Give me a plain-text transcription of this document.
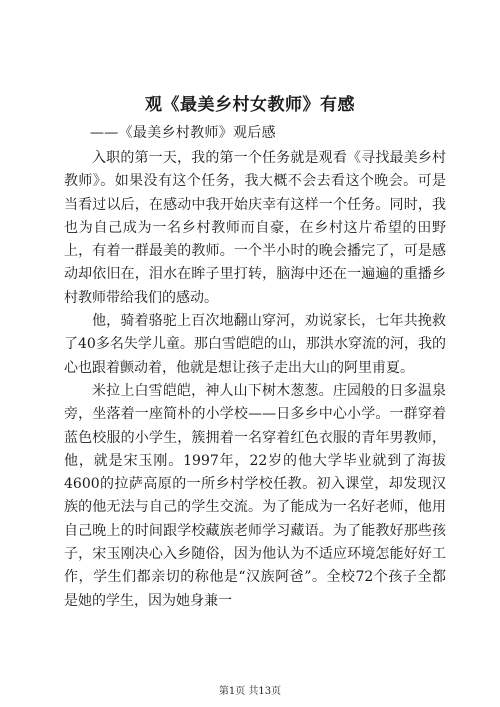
观《最美乡村女教师》有感
——《最美乡村教师》观后感

入职的第一天，我的第一个任务就是观看《寻找最美乡村教师》。如果没有这个任务，我大概不会去看这个晚会。可是当看过以后，在感动中我开始庆幸有这样一个任务。同时，我也为自己成为一名乡村教师而自豪，在乡村这片希望的田野上，有着一群最美的教师。一个半小时的晚会播完了，可是感动却依旧在，泪水在眸子里打转，脑海中还在一遍遍的重播乡村教师带给我们的感动。

他，骑着骆驼上百次地翻山穿河，劝说家长，七年共挽救了40多名失学儿童。那白雪皑皑的山，那洪水穿流的河，我的心也跟着颤动着，他就是想让孩子走出大山的阿里甫夏。

米拉上白雪皑皑，神人山下树木葱葱。庄园般的日多温泉旁，坐落着一座简朴的小学校——日多乡中心小学。一群穿着蓝色校服的小学生，簇拥着一名穿着红色衣服的青年男教师，他，就是宋玉刚。1997年，22岁的他大学毕业就到了海拔4600的拉萨高原的一所乡村学校任教。初入课堂，却发现汉族的他无法与自己的学生交流。为了能成为一名好老师，他用自己晚上的时间跟学校藏族老师学习藏语。为了能教好那些孩子，宋玉刚决心入乡随俗，因为他认为不适应环境怎能好好工作，学生们都亲切的称他是“汉族阿爸”。全校72个孩子全都是她的学生，因为她身兼一

第1页 共13页
